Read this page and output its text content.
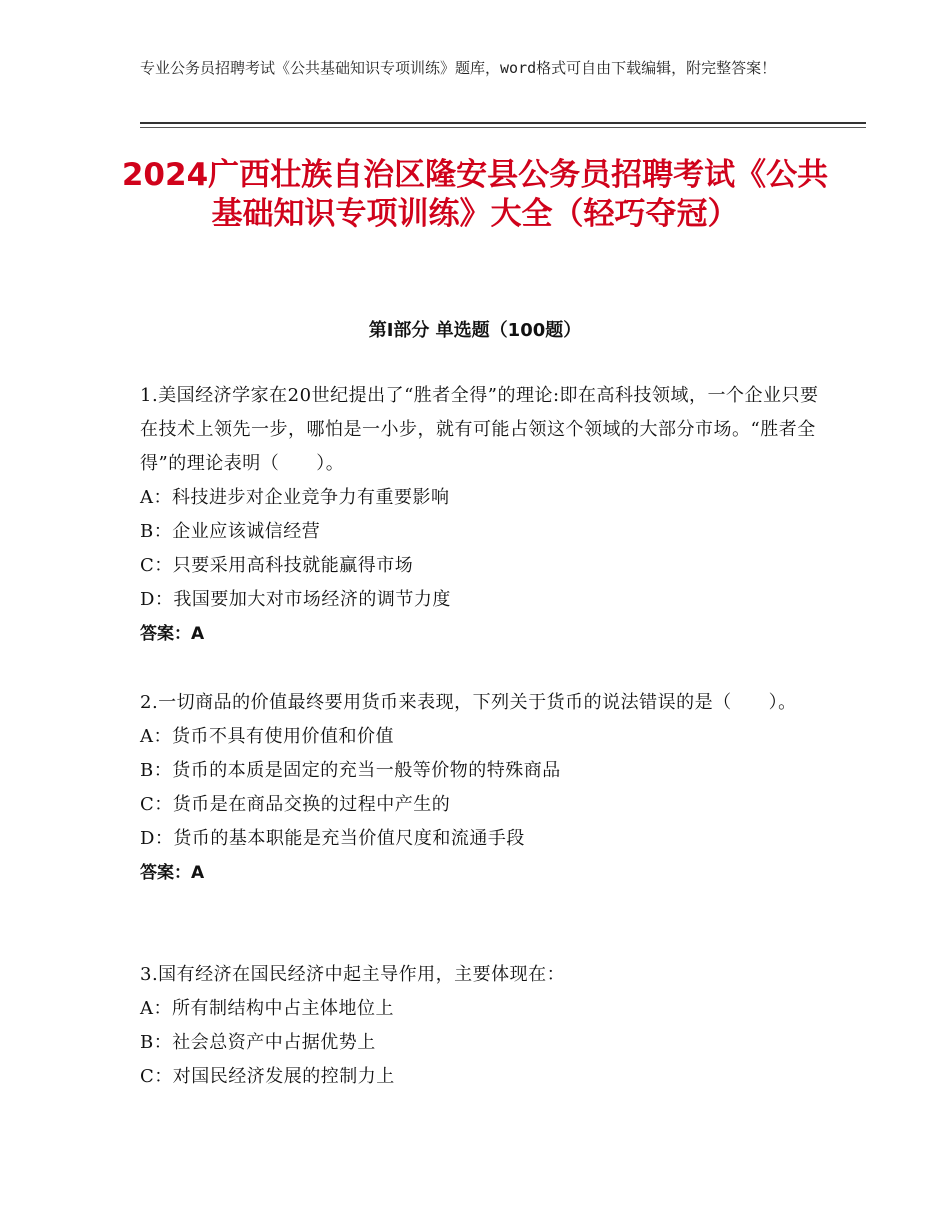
专业公务员招聘考试《公共基础知识专项训练》题库，word格式可自由下载编辑，附完整答案！
2024广西壮族自治区隆安县公务员招聘考试《公共基础知识专项训练》大全（轻巧夺冠）
第Ⅰ部分 单选题（100题）
1.美国经济学家在20世纪提出了“胜者全得”的理论:即在高科技领域，一个企业只要在技术上领先一步，哪怕是一小步，就有可能占领这个领域的大部分市场。“胜者全得”的理论表明（　　）。
A：科技进步对企业竞争力有重要影响
B：企业应该诚信经营
C：只要采用高科技就能赢得市场
D：我国要加大对市场经济的调节力度
答案：A
2.一切商品的价值最终要用货币来表现，下列关于货币的说法错误的是（　　）。
A：货币不具有使用价值和价值
B：货币的本质是固定的充当一般等价物的特殊商品
C：货币是在商品交换的过程中产生的
D：货币的基本职能是充当价值尺度和流通手段
答案：A
3.国有经济在国民经济中起主导作用，主要体现在：
A：所有制结构中占主体地位上
B：社会总资产中占据优势上
C：对国民经济发展的控制力上
